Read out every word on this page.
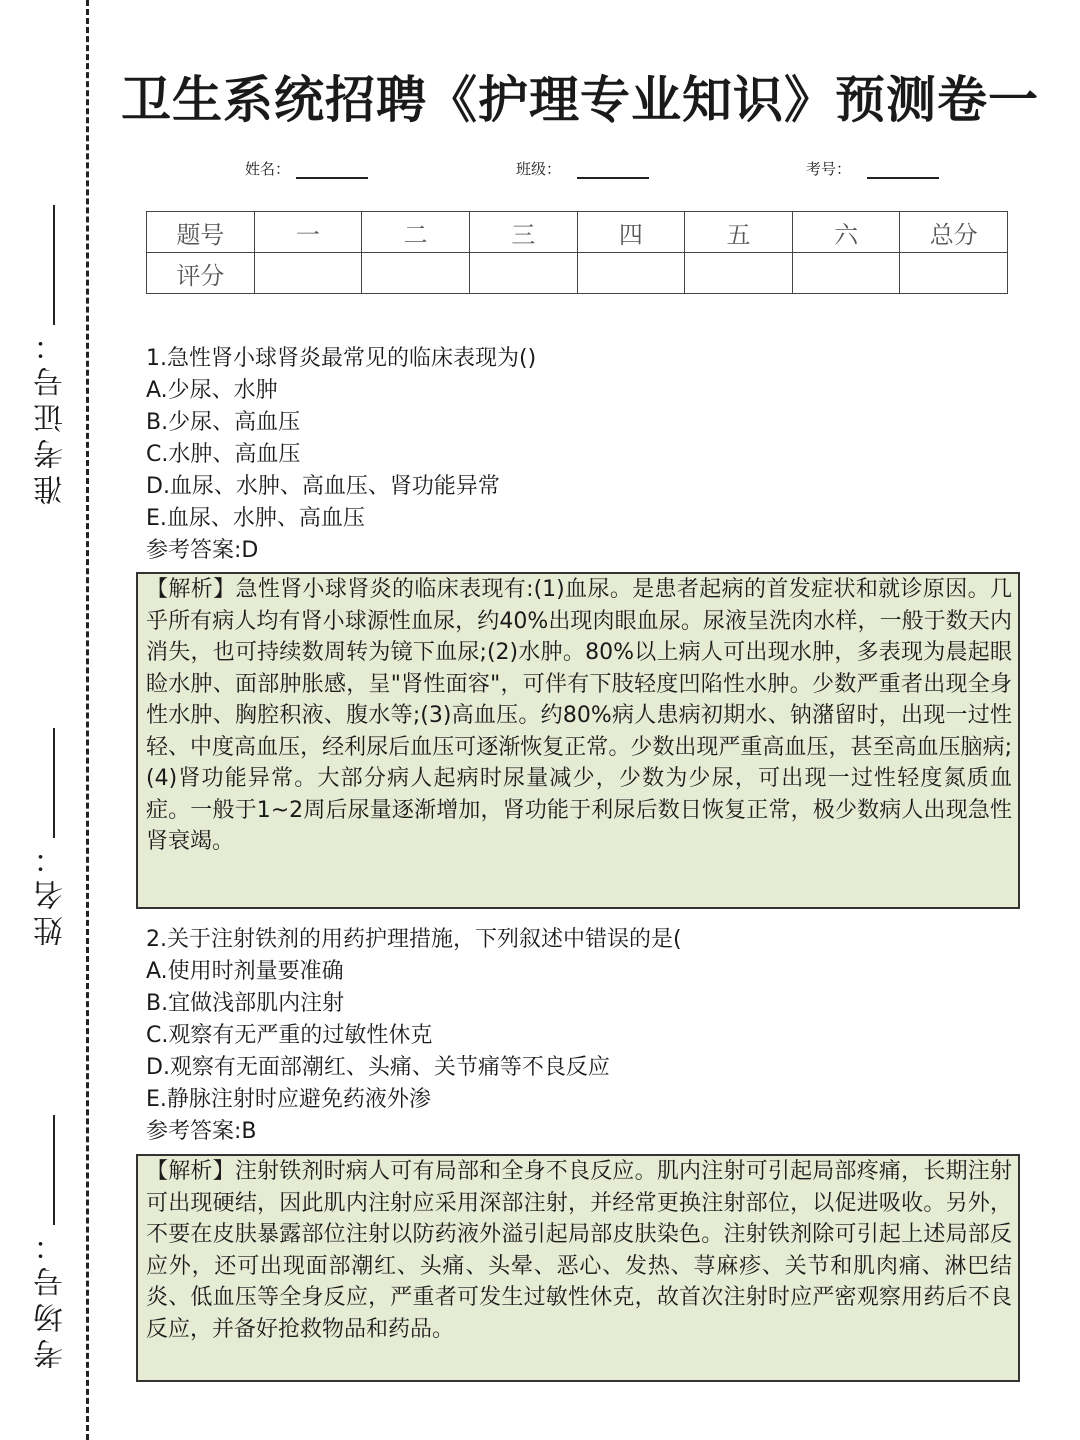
准考证号：
姓名：
考场号：
卫生系统招聘《护理专业知识》预测卷一
姓名：	班级：	考号：
题号	一	二	三	四	五	六	总分
评分							
1.急性肾小球肾炎最常见的临床表现为()
A.少尿、水肿
B.少尿、高血压
C.水肿、高血压
D.血尿、水肿、高血压、肾功能异常
E.血尿、水肿、高血压
参考答案:D
【解析】急性肾小球肾炎的临床表现有:(1)血尿。是患者起病的首发症状和就诊原因。几乎所有病人均有肾小球源性血尿，约40%出现肉眼血尿。尿液呈洗肉水样，一般于数天内消失，也可持续数周转为镜下血尿;(2)水肿。80%以上病人可出现水肿，多表现为晨起眼睑水肿、面部肿胀感，呈"肾性面容"，可伴有下肢轻度凹陷性水肿。少数严重者出现全身性水肿、胸腔积液、腹水等;(3)高血压。约80%病人患病初期水、钠潴留时，出现一过性轻、中度高血压，经利尿后血压可逐渐恢复正常。少数出现严重高血压，甚至高血压脑病;(4)肾功能异常。大部分病人起病时尿量减少，少数为少尿，可出现一过性轻度氮质血症。一般于1~2周后尿量逐渐增加，肾功能于利尿后数日恢复正常，极少数病人出现急性肾衰竭。
2.关于注射铁剂的用药护理措施，下列叙述中错误的是(
A.使用时剂量要准确
B.宜做浅部肌内注射
C.观察有无严重的过敏性休克
D.观察有无面部潮红、头痛、关节痛等不良反应
E.静脉注射时应避免药液外渗
参考答案:B
【解析】注射铁剂时病人可有局部和全身不良反应。肌内注射可引起局部疼痛，长期注射可出现硬结，因此肌内注射应采用深部注射，并经常更换注射部位，以促进吸收。另外，不要在皮肤暴露部位注射以防药液外溢引起局部皮肤染色。注射铁剂除可引起上述局部反应外，还可出现面部潮红、头痛、头晕、恶心、发热、荨麻疹、关节和肌肉痛、淋巴结炎、低血压等全身反应，严重者可发生过敏性休克，故首次注射时应严密观察用药后不良反应，并备好抢救物品和药品。
